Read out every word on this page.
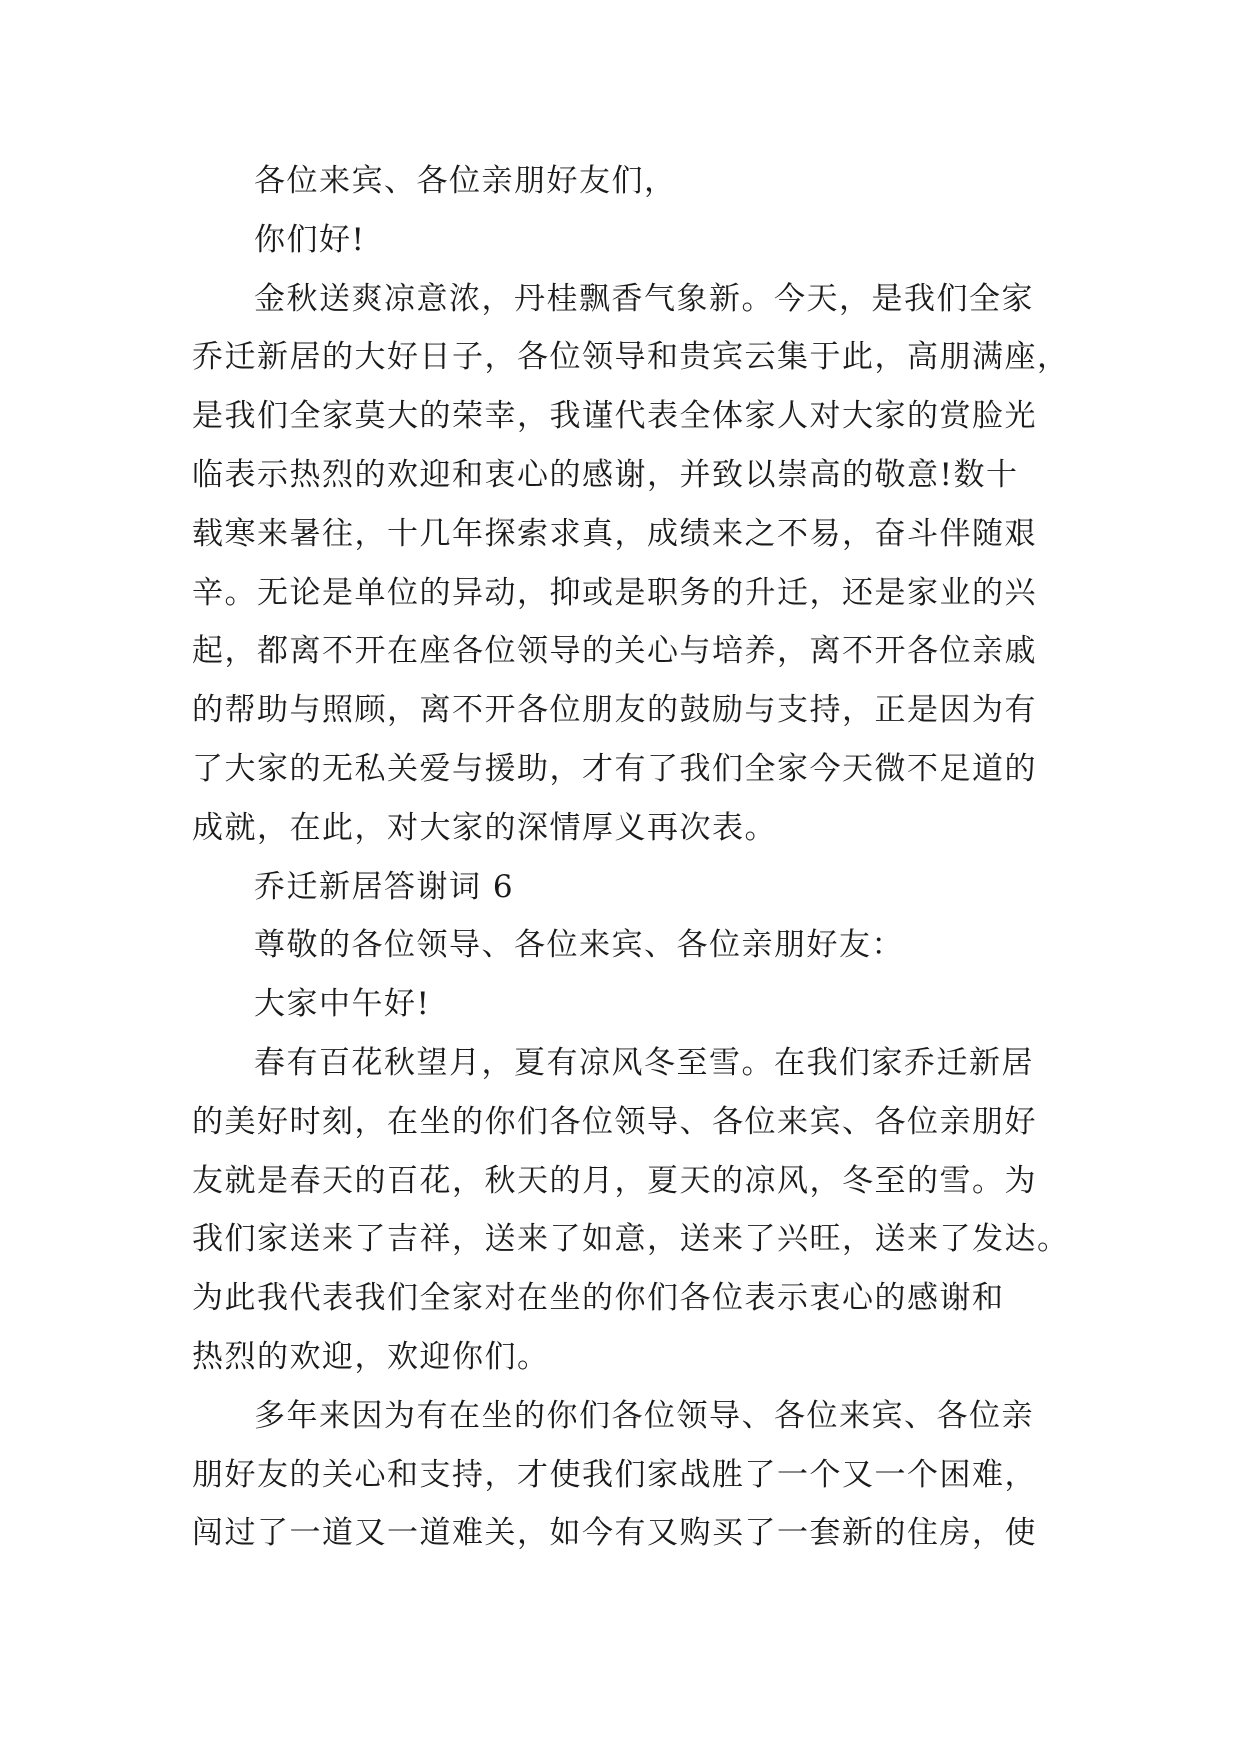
各位来宾、各位亲朋好友们，

你们好!

金秋送爽凉意浓，丹桂飘香气象新。今天，是我们全家

乔迁新居的大好日子，各位领导和贵宾云集于此，高朋满座，

是我们全家莫大的荣幸，我谨代表全体家人对大家的赏脸光

临表示热烈的欢迎和衷心的感谢，并致以崇高的敬意!数十

载寒来暑往，十几年探索求真，成绩来之不易，奋斗伴随艰

辛。无论是单位的异动，抑或是职务的升迁，还是家业的兴

起，都离不开在座各位领导的关心与培养，离不开各位亲戚

的帮助与照顾，离不开各位朋友的鼓励与支持，正是因为有

了大家的无私关爱与援助，才有了我们全家今天微不足道的

成就，在此，对大家的深情厚义再次表。

乔迁新居答谢词 6

尊敬的各位领导、各位来宾、各位亲朋好友：

大家中午好!

春有百花秋望月，夏有凉风冬至雪。在我们家乔迁新居

的美好时刻，在坐的你们各位领导、各位来宾、各位亲朋好

友就是春天的百花，秋天的月，夏天的凉风，冬至的雪。为

我们家送来了吉祥，送来了如意，送来了兴旺，送来了发达。

为此我代表我们全家对在坐的你们各位表示衷心的感谢和

热烈的欢迎，欢迎你们。

多年来因为有在坐的你们各位领导、各位来宾、各位亲

朋好友的关心和支持，才使我们家战胜了一个又一个困难，

闯过了一道又一道难关，如今有又购买了一套新的住房，使
